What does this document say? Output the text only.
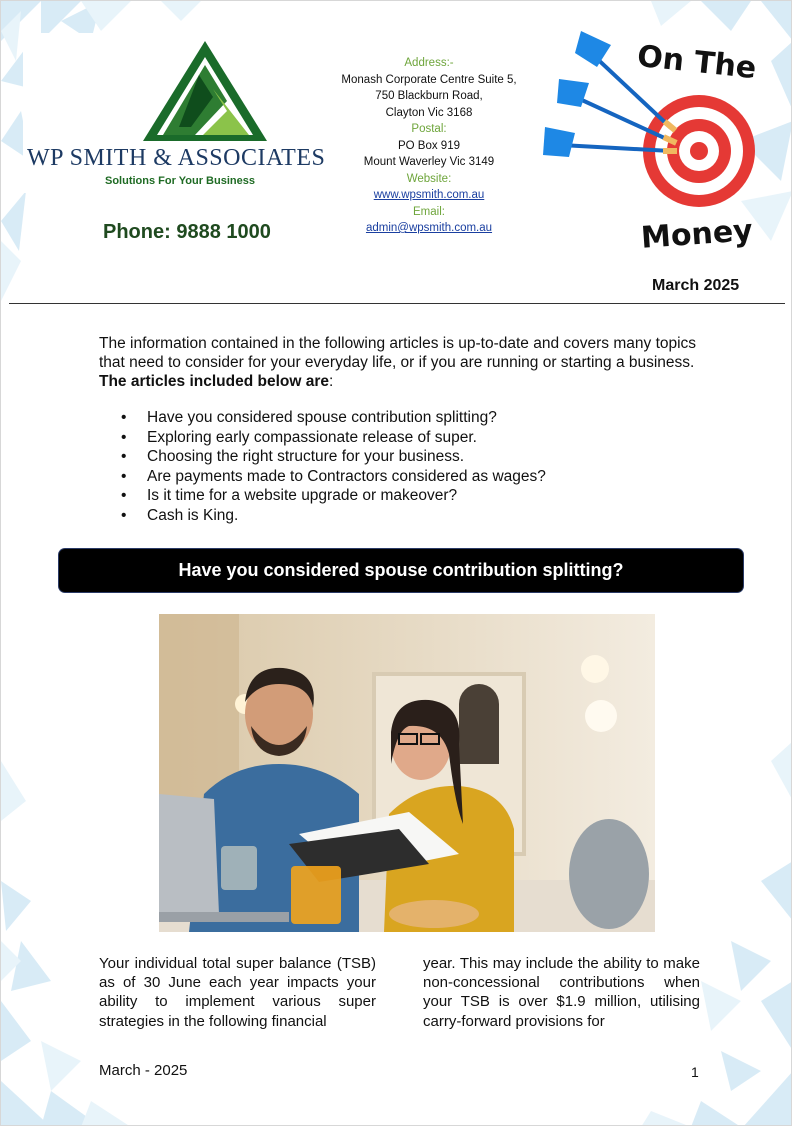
WP SMITH & ASSOCIATES
Solutions For Your Business
Phone: 9888 1000
Address:-
Monash Corporate Centre Suite 5,
750 Blackburn Road,
Clayton Vic 3168
Postal:
PO Box 919
Mount Waverley Vic 3149
Website:
www.wpsmith.com.au
Email:
admin@wpsmith.com.au
On The
Money
March 2025
The information contained in the following articles is up-to-date and covers many topics that need to consider for your everyday life, or if you are running or starting a business. The articles included below are:
• Have you considered spouse contribution splitting?
• Exploring early compassionate release of super.
• Choosing the right structure for your business.
• Are payments made to Contractors considered as wages?
• Is it time for a website upgrade or makeover?
• Cash is King.
Have you considered spouse contribution splitting?
Your individual total super balance (TSB) as of 30 June each year impacts your ability to implement various super strategies in the following financial
year. This may include the ability to make non-concessional contributions when your TSB is over $1.9 million, utilising carry-forward provisions for
March - 2025	1
